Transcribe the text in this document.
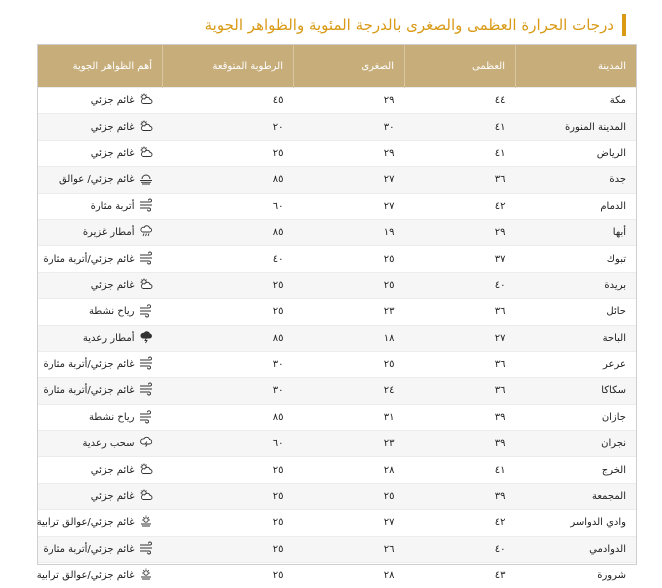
درجات الحرارة العظمى والصغرى بالدرجة المئوية والظواهر الجوية
المدينة	العظمى	الصغرى	الرطوبة المتوقعة	أهم الظواهر الجوية
مكة	٤٤	٢٩	٤٥	غائم جزئي

المدينة المنورة	٤١	٣٠	٢٠	غائم جزئي

الرياض	٤١	٢٩	٢٥	غائم جزئي

جدة	٣٦	٢٧	٨٥	غائم جزئي/ عوالق

الدمام	٤٢	٢٧	٦٠	أتربة مثارة

أبها	٢٩	١٩	٨٥	أمطار غزيرة

تبوك	٣٧	٢٥	٤٠	غائم جزئي/أتربة مثارة

بريدة	٤٠	٢٥	٢٥	غائم جزئي

حائل	٣٦	٢٣	٢٥	رياح نشطة

الباحة	٢٧	١٨	٨٥	أمطار رعدية

عرعر	٣٦	٢٥	٣٠	غائم جزئي/أتربة مثارة

سكاكا	٣٦	٢٤	٣٠	غائم جزئي/أتربة مثارة

جازان	٣٩	٣١	٨٥	رياح نشطة

نجران	٣٩	٢٣	٦٠	سحب رعدية

الخرج	٤١	٢٨	٢٥	غائم جزئي

المجمعة	٣٩	٢٥	٢٥	غائم جزئي

وادي الدواسر	٤٢	٢٧	٢٥	غائم جزئي/عوالق ترابية

الدوادمي	٤٠	٢٦	٢٥	غائم جزئي/أتربة مثارة

شرورة	٤٣	٢٨	٢٥	غائم جزئي/عوالق ترابية
